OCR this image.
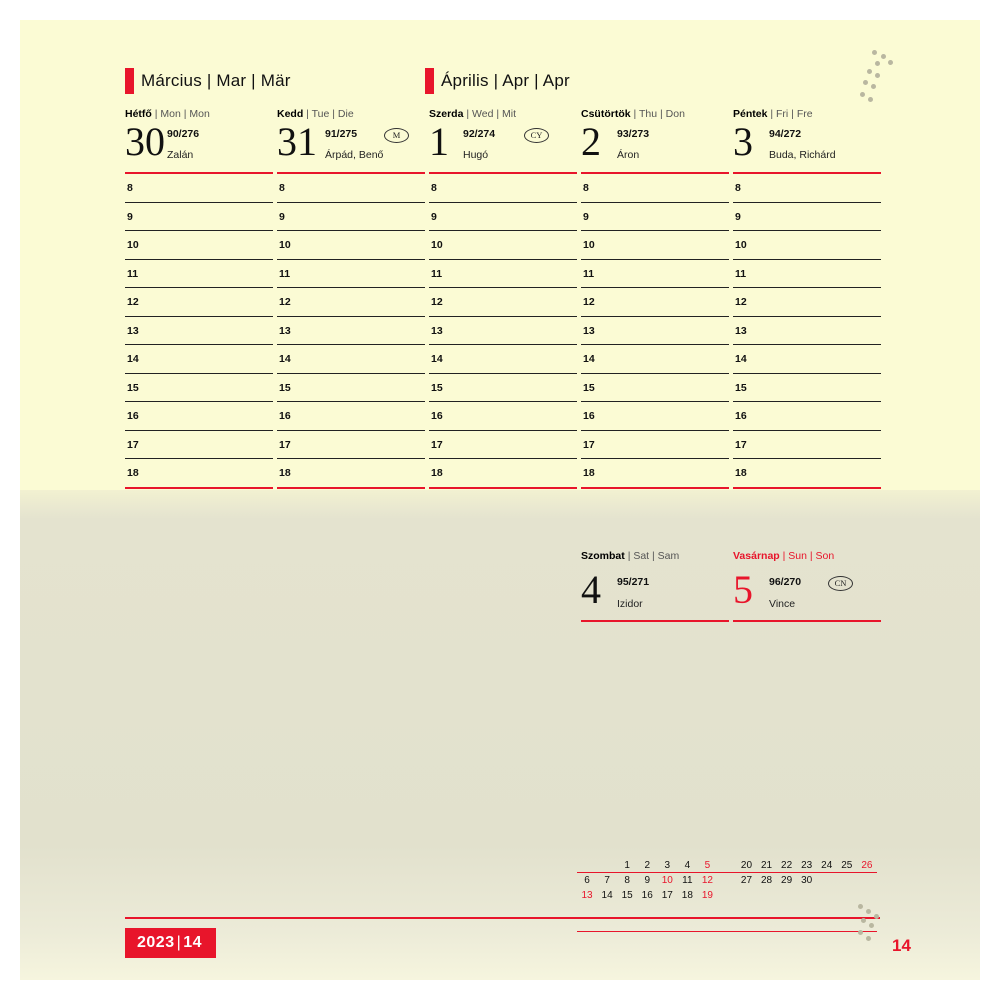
Március | Mar | Mär	Április | Apr | Apr
Hétfő | Mon | Mon
30 90/276
Zalán
8
9
10
11
12
13
14
15
16
17
18
Kedd | Tue | Die
31 91/275	M
Árpád, Benő
8
9
10
11
12
13
14
15
16
17
18
Szerda | Wed | Mit
1 92/274	CY
Hugó
8
9
10
11
12
13
14
15
16
17
18
Csütörtök | Thu | Don
2 93/273
Áron
8
9
10
11
12
13
14
15
16
17
18
Péntek | Fri | Fre
3 94/272
Buda, Richárd
8
9
10
11
12
13
14
15
16
17
18
Szombat | Sat | Sam
4 95/271
Izidor
Vasárnap | Sun | Son
5 96/270	CN
Vince
		1	2	3	4	5		20	21	22	23	24	25	26
6	7	8	9	10	11	12		27	28	29	30			
13	14	15	16	17	18	19								
2023 | 14	14
